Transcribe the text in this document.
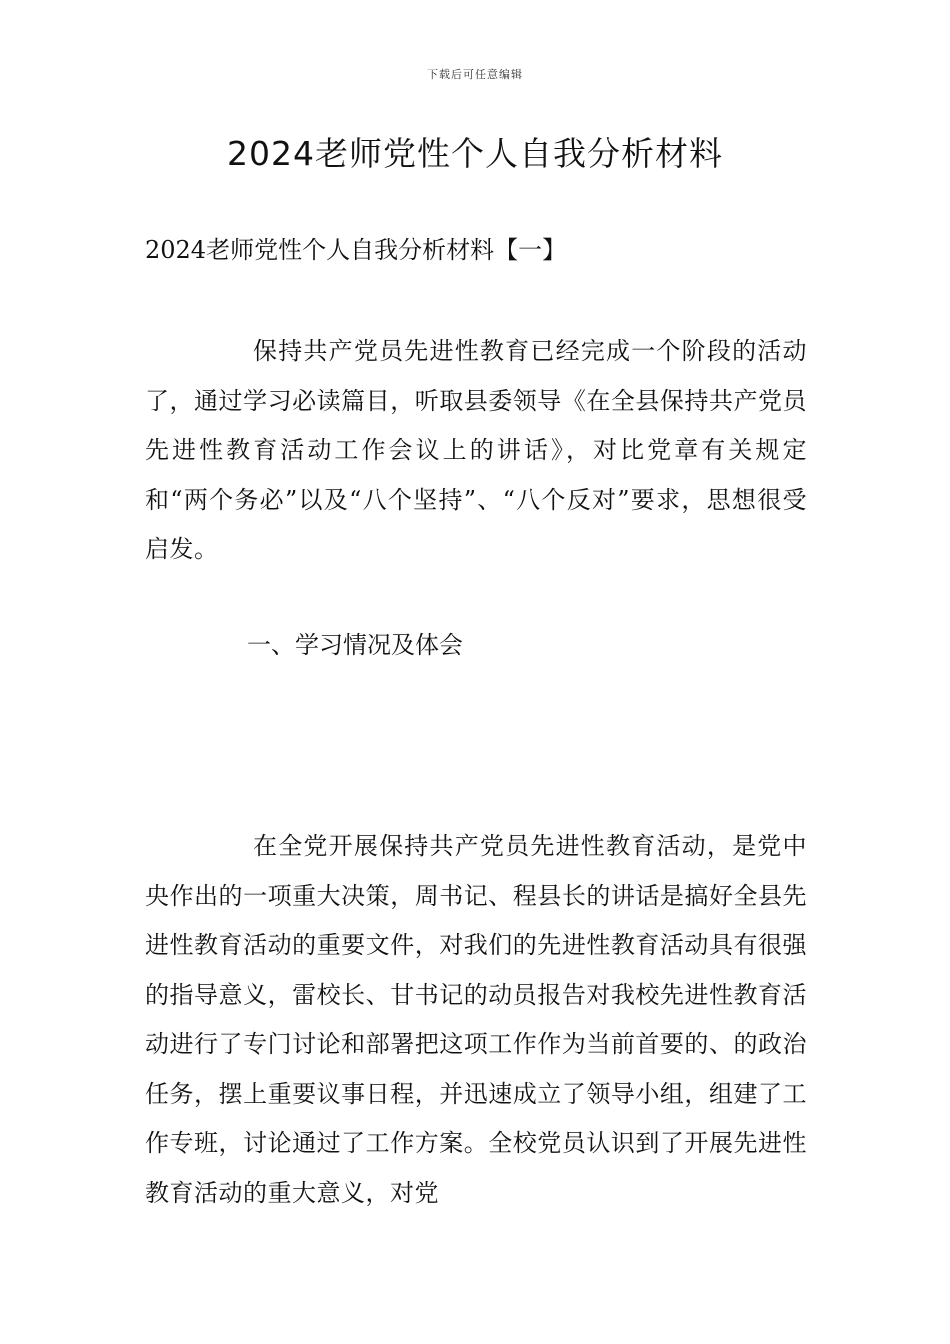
下载后可任意编辑
2024老师党性个人自我分析材料

2024老师党性个人自我分析材料【一】

保持共产党员先进性教育已经完成一个阶段的活动了，通过学习必读篇目，听取县委领导《在全县保持共产党员先进性教育活动工作会议上的讲话》，对比党章有关规定和“两个务必”以及“八个坚持”、“八个反对”要求，思想很受启发。

一、学习情况及体会

在全党开展保持共产党员先进性教育活动，是党中央作出的一项重大决策，周书记、程县长的讲话是搞好全县先进性教育活动的重要文件，对我们的先进性教育活动具有很强的指导意义，雷校长、甘书记的动员报告对我校先进性教育活动进行了专门讨论和部署把这项工作作为当前首要的、的政治任务，摆上重要议事日程，并迅速成立了领导小组，组建了工作专班，讨论通过了工作方案。全校党员认识到了开展先进性教育活动的重大意义，对党
